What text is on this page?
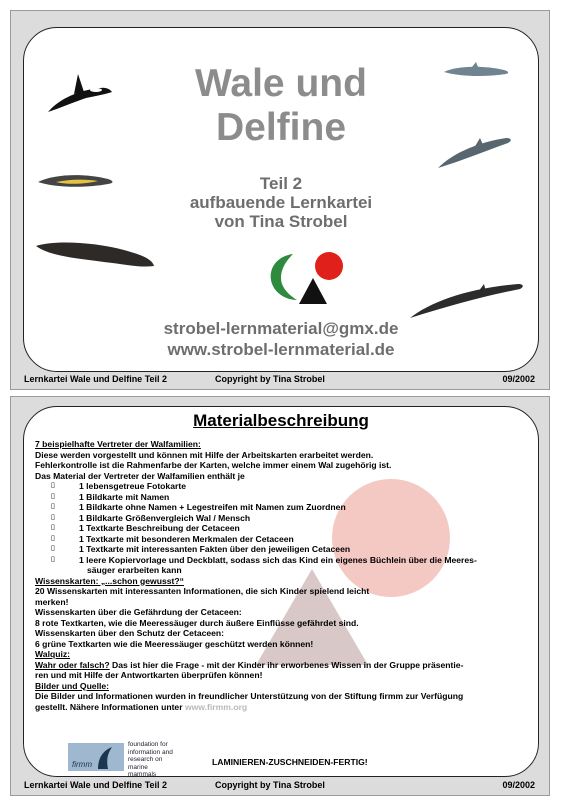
Wale und
Delfine
Teil 2
aufbauende Lernkartei
von Tina Strobel
strobel-lernmaterial@gmx.de
www.strobel-lernmaterial.de
Lernkartei Wale und Delfine Teil 2	Copyright by Tina Strobel	09/2002
Materialbeschreibung
7 beispielhafte Vertreter der Walfamilien:
Diese werden vorgestellt und können mit Hilfe der Arbeitskarten erarbeitet werden.
Fehlerkontrolle ist die Rahmenfarbe der Karten, welche immer einem Wal zugehörig ist.
Das Material der Vertreter der Walfamilien enthält je
▯ 1 lebensgetreue Fotokarte
▯ 1 Bildkarte mit Namen
▯ 1 Bildkarte ohne Namen + Legestreifen mit Namen zum Zuordnen
▯ 1 Bildkarte Größenvergleich Wal / Mensch
▯ 1 Textkarte Beschreibung der Cetaceen
▯ 1 Textkarte mit besonderen Merkmalen der Cetaceen
▯ 1 Textkarte mit interessanten Fakten über den jeweiligen Cetaceen
▯ 1 leere Kopiervorlage und Deckblatt, sodass sich das Kind ein eigenes Büchlein über die Meeres-
säuger erarbeiten kann
Wissenskarten: „...schon gewusst?“
20 Wissenskarten mit interessanten Informationen, die sich Kinder spielend leicht
merken!
Wissenskarten über die Gefährdung der Cetaceen:
8 rote Textkarten, wie die Meeressäuger durch äußere Einflüsse gefährdet sind.
Wissenskarten über den Schutz der Cetaceen:
6 grüne Textkarten wie die Meeressäuger geschützt werden können!
Walquiz:
Wahr oder falsch? Das ist hier die Frage - mit der Kinder ihr erworbenes Wissen in der Gruppe präsentie-
ren und mit Hilfe der Antwortkarten überprüfen können!
Bilder und Quelle:
Die Bilder und Informationen wurden in freundlicher Unterstützung von der Stiftung firmm zur Verfügung
gestellt. Nähere Informationen unter www.firmm.org
firmm
foundation for
information and
research on
marine
mammals
LAMINIEREN-ZUSCHNEIDEN-FERTIG!
Lernkartei Wale und Delfine Teil 2	Copyright by Tina Strobel	09/2002
